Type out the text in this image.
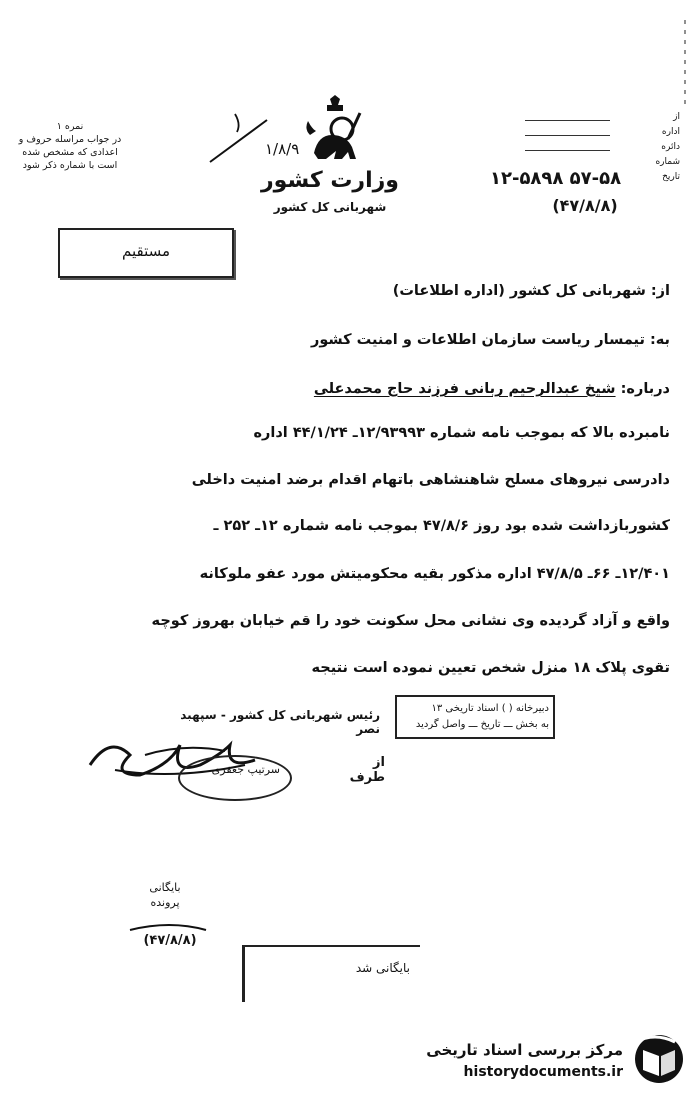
نمره ۱
در جواب مراسله حروف و
اعدادی که مشخص شده
است با شماره ذکر شود
۱/۸/۹
وزارت کشور
شهربانی کل کشور
از
اداره
دائره
شماره
تاریخ
۱۲-۵۸۹۸ ۵۷-۵۸
(۴۷/۸/۸)
مستقیم
از: شهربانی کل کشور (اداره اطلاعات)
به: تیمسار ریاست سازمان اطلاعات و امنیت کشور
درباره: شیخ عبدالرحیم ربانی فرزند حاج محمدعلی
نامبرده بالا که بموجب نامه شماره ۱۲/۹۳۹۹۳ـ ۴۴/۱/۲۴ اداره
دادرسی نیروهای مسلح شاهنشاهی باتهام اقدام برضد امنیت داخلی
کشوربازداشت شده بود روز ۴۷/۸/۶ بموجب نامه شماره ۱۲ـ ۲۵۲ ـ
۱۲/۴۰۱ـ ۶۶ـ ۴۷/۸/۵ اداره مذکور بقیه محکومیتش مورد عفو ملوکانه
واقع و آزاد گردیده وی نشانی محل سکونت خود را قم خیابان بهروز کوچه
تقوی پلاک ۱۸ منزل شخص تعیین نموده است نتیجه
دبیرخانه ( ) اسناد تاریخی ۱۳
به بخش ـــ تاریخ ـــ واصل گردید
رئیس شهربانی کل کشور - سپهبد نصر
از طرف
سرتیپ جعفری
بایگانی
پرونده
(۴۷/۸/۸)
بایگانی شد
مرکز بررسی اسناد تاریخی
historydocuments.ir
